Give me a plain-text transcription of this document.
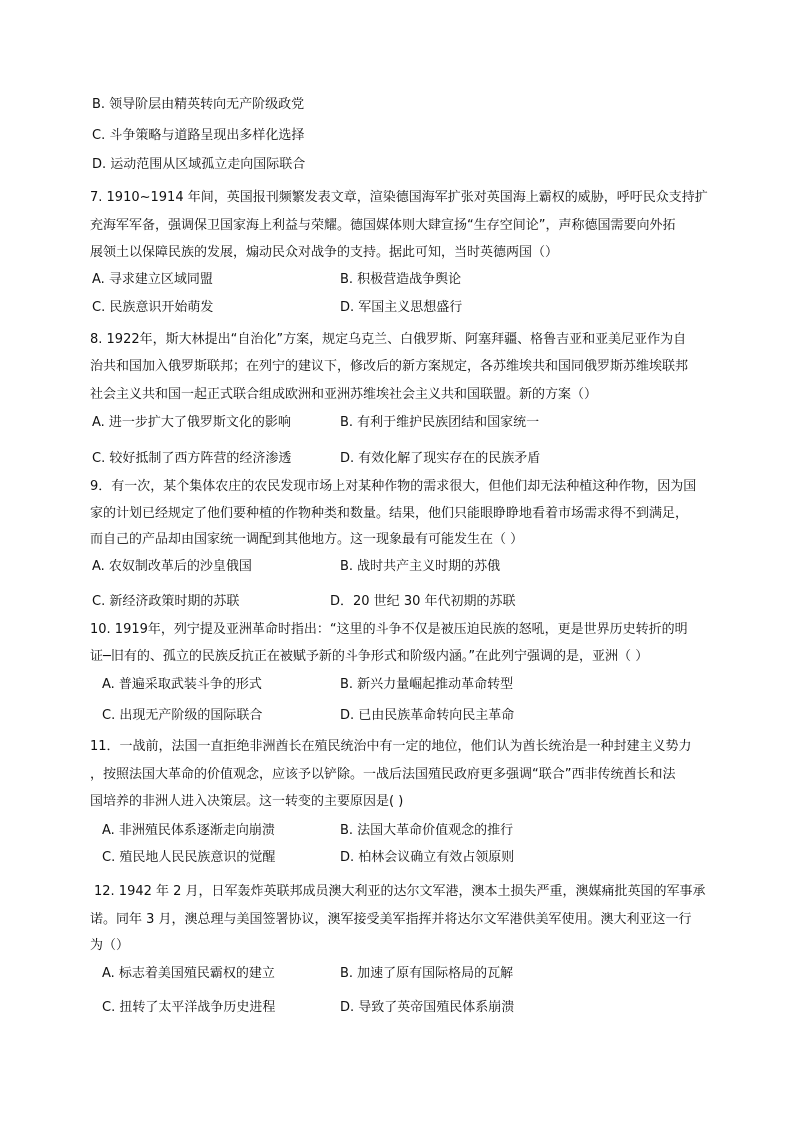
B. 领导阶层由精英转向无产阶级政党
C. 斗争策略与道路呈现出多样化选择
D. 运动范围从区域孤立走向国际联合
7. 1910~1914 年间，英国报刊频繁发表文章，渲染德国海军扩张对英国海上霸权的威胁，呼吁民众支持扩
充海军军备，强调保卫国家海上利益与荣耀。德国媒体则大肆宣扬“生存空间论”，声称德国需要向外拓
展领土以保障民族的发展，煽动民众对战争的支持。据此可知，当时英德两国（）
A. 寻求建立区域同盟	B. 积极营造战争舆论
C. 民族意识开始萌发	D. 军国主义思想盛行
8. 1922年，斯大林提出“自治化”方案，规定乌克兰、白俄罗斯、阿塞拜疆、格鲁吉亚和亚美尼亚作为自
治共和国加入俄罗斯联邦；在列宁的建议下，修改后的新方案规定，各苏维埃共和国同俄罗斯苏维埃联邦
社会主义共和国一起正式联合组成欧洲和亚洲苏维埃社会主义共和国联盟。新的方案（）
A. 进一步扩大了俄罗斯文化的影响	B. 有利于维护民族团结和国家统一
C. 较好抵制了西方阵营的经济渗透	D. 有效化解了现实存在的民族矛盾
9．有一次，某个集体农庄的农民发现市场上对某种作物的需求很大，但他们却无法种植这种作物，因为国
家的计划已经规定了他们要种植的作物种类和数量。结果，他们只能眼睁睁地看着市场需求得不到满足，
而自己的产品却由国家统一调配到其他地方。这一现象最有可能发生在（ ）
A. 农奴制改革后的沙皇俄国	B. 战时共产主义时期的苏俄
C. 新经济政策时期的苏联	D．20 世纪 30 年代初期的苏联
10. 1919年，列宁提及亚洲革命时指出：“这里的斗争不仅是被压迫民族的怒吼，更是世界历史转折的明
证─旧有的、孤立的民族反抗正在被赋予新的斗争形式和阶级内涵。”在此列宁强调的是，亚洲（ ）
A. 普遍采取武装斗争的形式	B. 新兴力量崛起推动革命转型
C. 出现无产阶级的国际联合	D. 已由民族革命转向民主革命
11．一战前，法国一直拒绝非洲酋长在殖民统治中有一定的地位，他们认为酋长统治是一种封建主义势力
，按照法国大革命的价值观念，应该予以铲除。一战后法国殖民政府更多强调“联合”西非传统酋长和法
国培养的非洲人进入决策层。这一转变的主要原因是( )
A. 非洲殖民体系逐渐走向崩溃	B. 法国大革命价值观念的推行
C. 殖民地人民民族意识的觉醒	D. 柏林会议确立有效占领原则
12. 1942 年 2 月，日军轰炸英联邦成员澳大利亚的达尔文军港，澳本土损失严重，澳媒痛批英国的军事承
诺。同年 3 月，澳总理与美国签署协议，澳军接受美军指挥并将达尔文军港供美军使用。澳大利亚这一行
为（）
A. 标志着美国殖民霸权的建立	B. 加速了原有国际格局的瓦解
C. 扭转了太平洋战争历史进程	D. 导致了英帝国殖民体系崩溃
